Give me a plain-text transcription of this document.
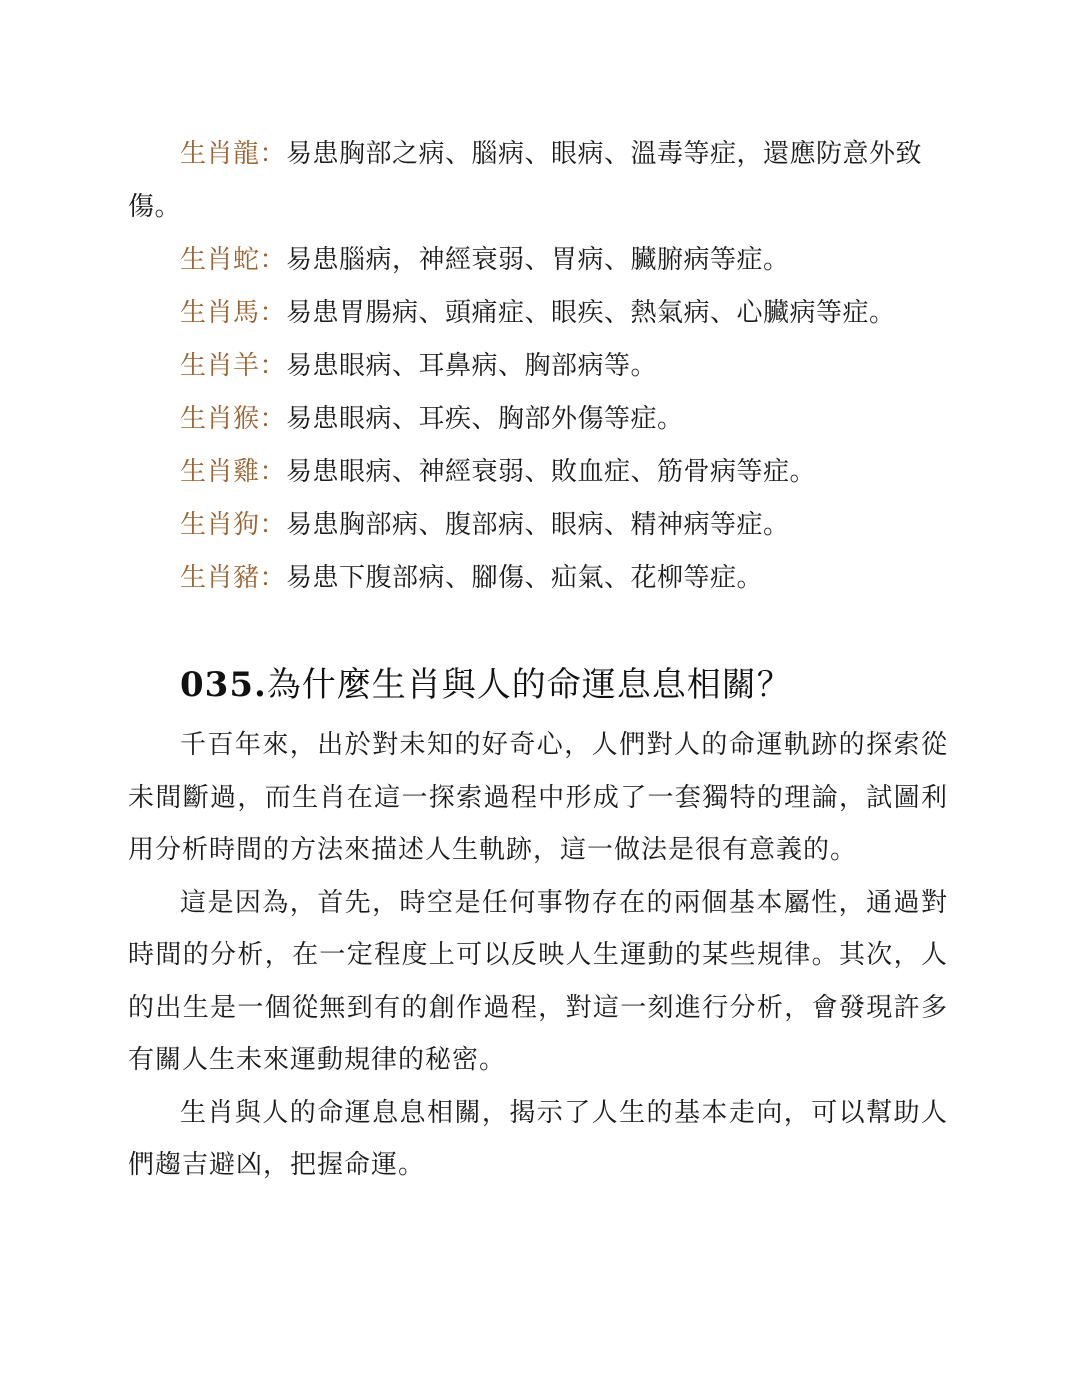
生肖龍：易患胸部之病、腦病、眼病、溫毒等症，還應防意外致傷。

生肖蛇：易患腦病，神經衰弱、胃病、臟腑病等症。

生肖馬：易患胃腸病、頭痛症、眼疾、熱氣病、心臟病等症。

生肖羊：易患眼病、耳鼻病、胸部病等。

生肖猴：易患眼病、耳疾、胸部外傷等症。

生肖雞：易患眼病、神經衰弱、敗血症、筋骨病等症。

生肖狗：易患胸部病、腹部病、眼病、精神病等症。

生肖豬：易患下腹部病、腳傷、疝氣、花柳等症。

035.為什麼生肖與人的命運息息相關？

千百年來，出於對未知的好奇心，人們對人的命運軌跡的探索從未間斷過，而生肖在這一探索過程中形成了一套獨特的理論，試圖利用分析時間的方法來描述人生軌跡，這一做法是很有意義的。

這是因為，首先，時空是任何事物存在的兩個基本屬性，通過對時間的分析，在一定程度上可以反映人生運動的某些規律。其次，人的出生是一個從無到有的創作過程，對這一刻進行分析，會發現許多有關人生未來運動規律的秘密。

生肖與人的命運息息相關，揭示了人生的基本走向，可以幫助人們趨吉避凶，把握命運。
